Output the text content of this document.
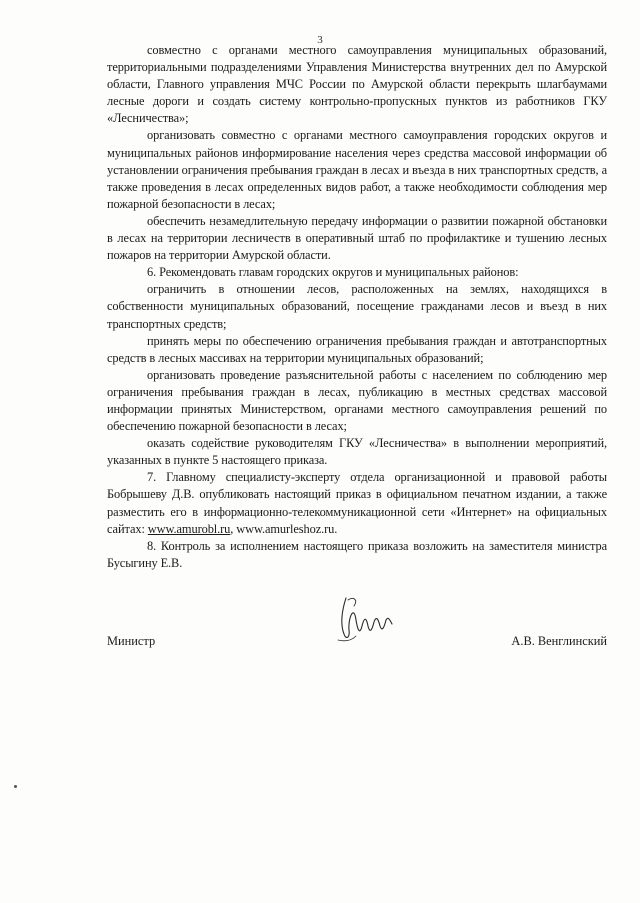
3

совместно с органами местного самоуправления муниципальных образований, территориальными подразделениями Управления Министерства внутренних дел по Амурской области, Главного управления МЧС России по Амурской области перекрыть шлагбаумами лесные дороги и создать систему контрольно-пропускных пунктов из работников ГКУ «Лесничества»;

организовать совместно с органами местного самоуправления городских округов и муниципальных районов информирование населения через средства массовой информации об установлении ограничения пребывания граждан в лесах и въезда в них транспортных средств, а также проведения в лесах определенных видов работ, а также необходимости соблюдения мер пожарной безопасности в лесах;

обеспечить незамедлительную передачу информации о развитии пожарной обстановки в лесах на территории лесничеств в оперативный штаб по профилактике и тушению лесных пожаров на территории Амурской области.

6. Рекомендовать главам городских округов и муниципальных районов:

ограничить в отношении лесов, расположенных на землях, находящихся в собственности муниципальных образований, посещение гражданами лесов и въезд в них транспортных средств;

принять меры по обеспечению ограничения пребывания граждан и автотранспортных средств в лесных массивах на территории муниципальных образований;

организовать проведение разъяснительной работы с населением по соблюдению мер ограничения пребывания граждан в лесах, публикацию в местных средствах массовой информации принятых Министерством, органами местного самоуправления решений по обеспечению пожарной безопасности в лесах;

оказать содействие руководителям ГКУ «Лесничества» в выполнении мероприятий, указанных в пункте 5 настоящего приказа.

7. Главному специалисту-эксперту отдела организационной и правовой работы Бобрышеву Д.В. опубликовать настоящий приказ в официальном печатном издании, а также разместить его в информационно-телекоммуникационной сети «Интернет» на официальных сайтах: www.amurobl.ru, www.amurleshoz.ru.

8. Контроль за исполнением настоящего приказа возложить на заместителя министра Бусыгину Е.В.

Министр	А.В. Венглинский
